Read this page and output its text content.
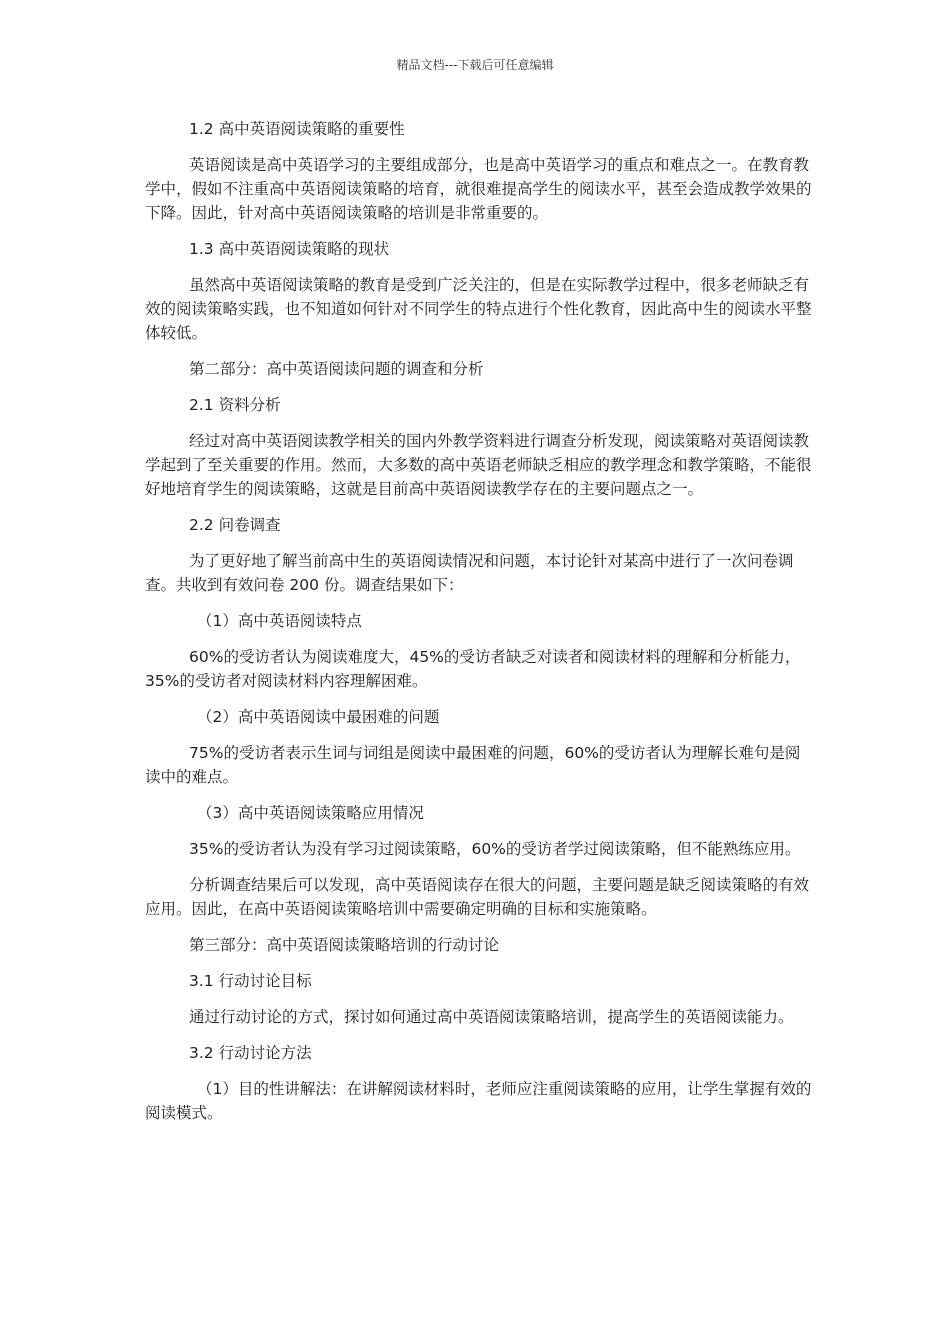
精品文档---下载后可任意编辑
1.2 高中英语阅读策略的重要性
英语阅读是高中英语学习的主要组成部分，也是高中英语学习的重点和难点之一。在教育教学中，假如不注重高中英语阅读策略的培育，就很难提高学生的阅读水平，甚至会造成教学效果的下降。因此，针对高中英语阅读策略的培训是非常重要的。
1.3 高中英语阅读策略的现状
虽然高中英语阅读策略的教育是受到广泛关注的，但是在实际教学过程中，很多老师缺乏有效的阅读策略实践，也不知道如何针对不同学生的特点进行个性化教育，因此高中生的阅读水平整体较低。
第二部分：高中英语阅读问题的调查和分析
2.1 资料分析
经过对高中英语阅读教学相关的国内外教学资料进行调查分析发现，阅读策略对英语阅读教学起到了至关重要的作用。然而，大多数的高中英语老师缺乏相应的教学理念和教学策略，不能很好地培育学生的阅读策略，这就是目前高中英语阅读教学存在的主要问题点之一。
2.2 问卷调查
为了更好地了解当前高中生的英语阅读情况和问题，本讨论针对某高中进行了一次问卷调查。共收到有效问卷 200 份。调查结果如下：
（1）高中英语阅读特点
60%的受访者认为阅读难度大，45%的受访者缺乏对读者和阅读材料的理解和分析能力，35%的受访者对阅读材料内容理解困难。
（2）高中英语阅读中最困难的问题
75%的受访者表示生词与词组是阅读中最困难的问题，60%的受访者认为理解长难句是阅读中的难点。
（3）高中英语阅读策略应用情况
35%的受访者认为没有学习过阅读策略，60%的受访者学过阅读策略，但不能熟练应用。
分析调查结果后可以发现，高中英语阅读存在很大的问题，主要问题是缺乏阅读策略的有效应用。因此，在高中英语阅读策略培训中需要确定明确的目标和实施策略。
第三部分：高中英语阅读策略培训的行动讨论
3.1 行动讨论目标
通过行动讨论的方式，探讨如何通过高中英语阅读策略培训，提高学生的英语阅读能力。
3.2 行动讨论方法
（1）目的性讲解法：在讲解阅读材料时，老师应注重阅读策略的应用，让学生掌握有效的阅读模式。
